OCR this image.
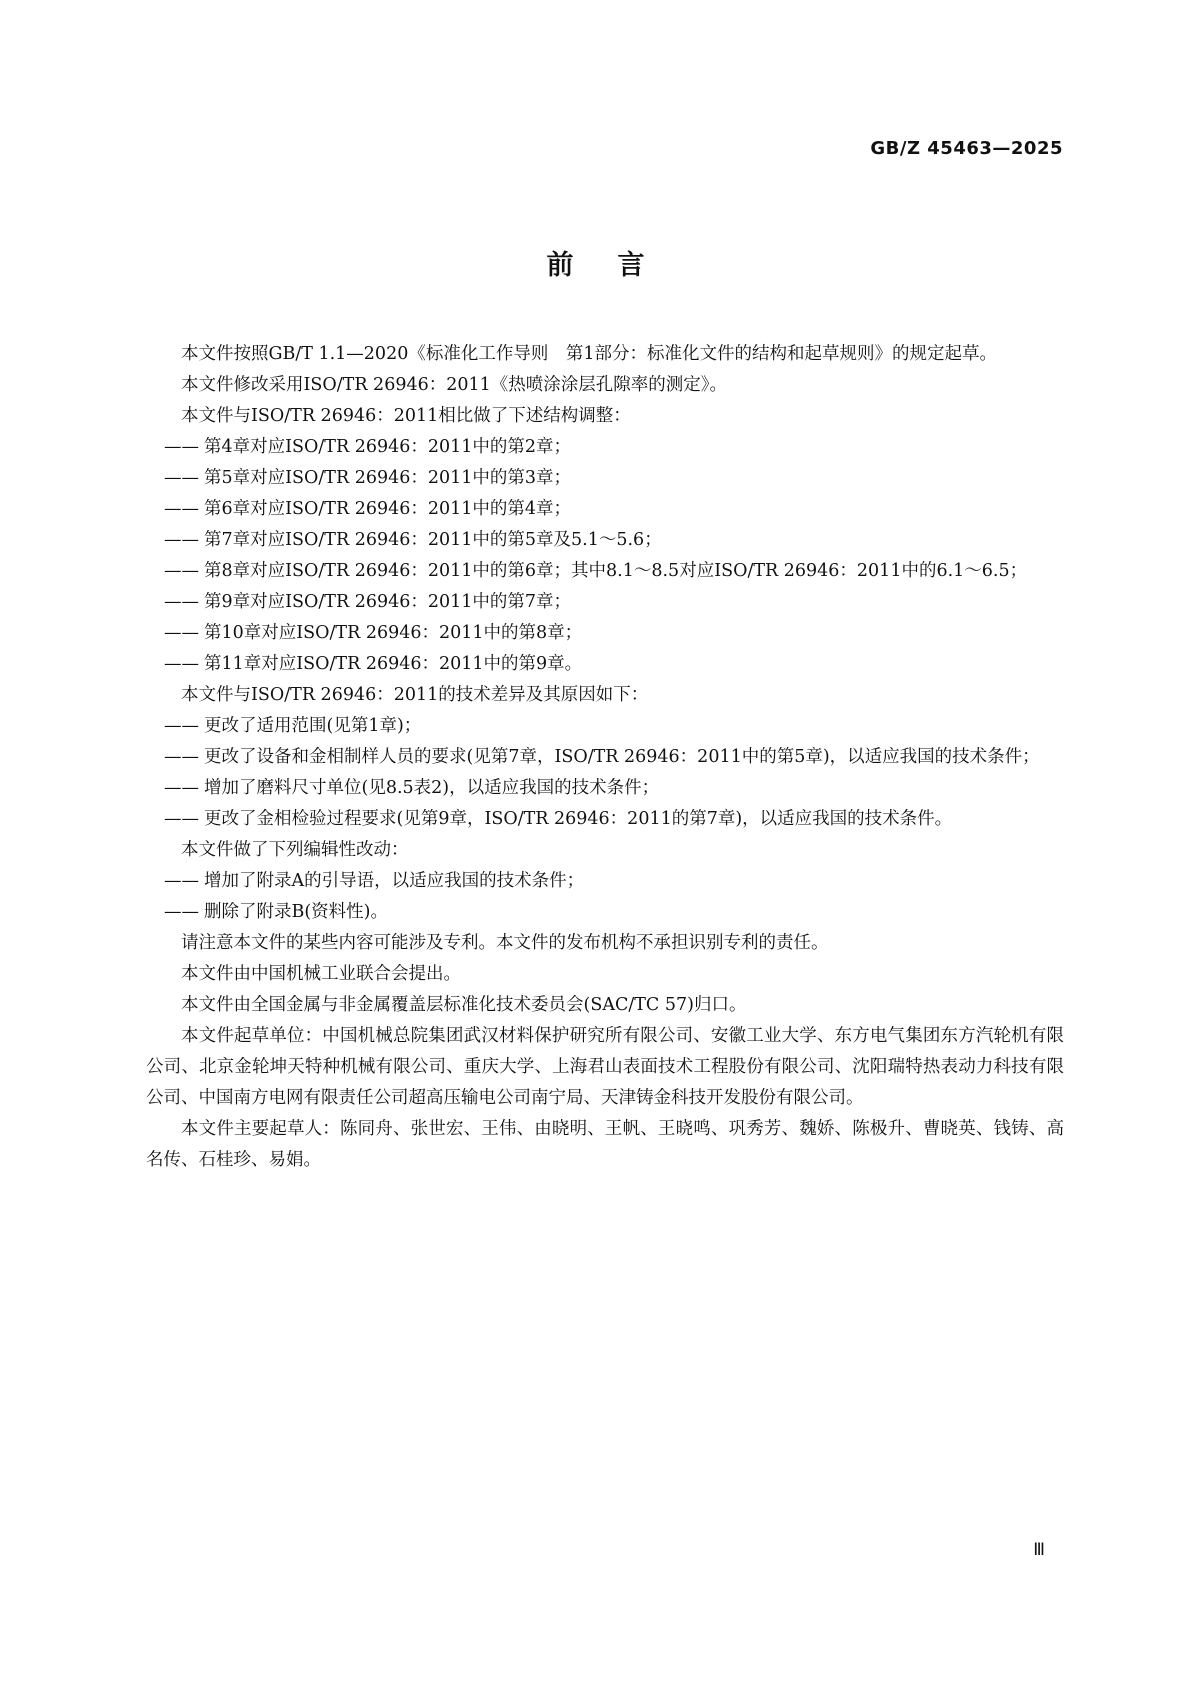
GB/Z 45463—2025
前言

本文件按照GB/T 1.1—2020《标准化工作导则　第1部分：标准化文件的结构和起草规则》的规定起草。

本文件修改采用ISO/TR 26946：2011《热喷涂涂层孔隙率的测定》。

本文件与ISO/TR 26946：2011相比做了下述结构调整：

—— 第4章对应ISO/TR 26946：2011中的第2章；

—— 第5章对应ISO/TR 26946：2011中的第3章；

—— 第6章对应ISO/TR 26946：2011中的第4章；

—— 第7章对应ISO/TR 26946：2011中的第5章及5.1～5.6；

—— 第8章对应ISO/TR 26946：2011中的第6章；其中8.1～8.5对应ISO/TR 26946：2011中的6.1～6.5；

—— 第9章对应ISO/TR 26946：2011中的第7章；

—— 第10章对应ISO/TR 26946：2011中的第8章；

—— 第11章对应ISO/TR 26946：2011中的第9章。

本文件与ISO/TR 26946：2011的技术差异及其原因如下：

—— 更改了适用范围(见第1章)；

—— 更改了设备和金相制样人员的要求(见第7章，ISO/TR 26946：2011中的第5章)，以适应我国的技术条件；

—— 增加了磨料尺寸单位(见8.5表2)，以适应我国的技术条件；

—— 更改了金相检验过程要求(见第9章，ISO/TR 26946：2011的第7章)，以适应我国的技术条件。

本文件做了下列编辑性改动：

—— 增加了附录A的引导语，以适应我国的技术条件；

—— 删除了附录B(资料性)。

请注意本文件的某些内容可能涉及专利。本文件的发布机构不承担识别专利的责任。

本文件由中国机械工业联合会提出。

本文件由全国金属与非金属覆盖层标准化技术委员会(SAC/TC 57)归口。

本文件起草单位：中国机械总院集团武汉材料保护研究所有限公司、安徽工业大学、东方电气集团东方汽轮机有限公司、北京金轮坤天特种机械有限公司、重庆大学、上海君山表面技术工程股份有限公司、沈阳瑞特热表动力科技有限公司、中国南方电网有限责任公司超高压输电公司南宁局、天津铸金科技开发股份有限公司。

本文件主要起草人：陈同舟、张世宏、王伟、由晓明、王帆、王晓鸣、巩秀芳、魏娇、陈极升、曹晓英、钱铸、高名传、石桂珍、易娟。

Ⅲ
